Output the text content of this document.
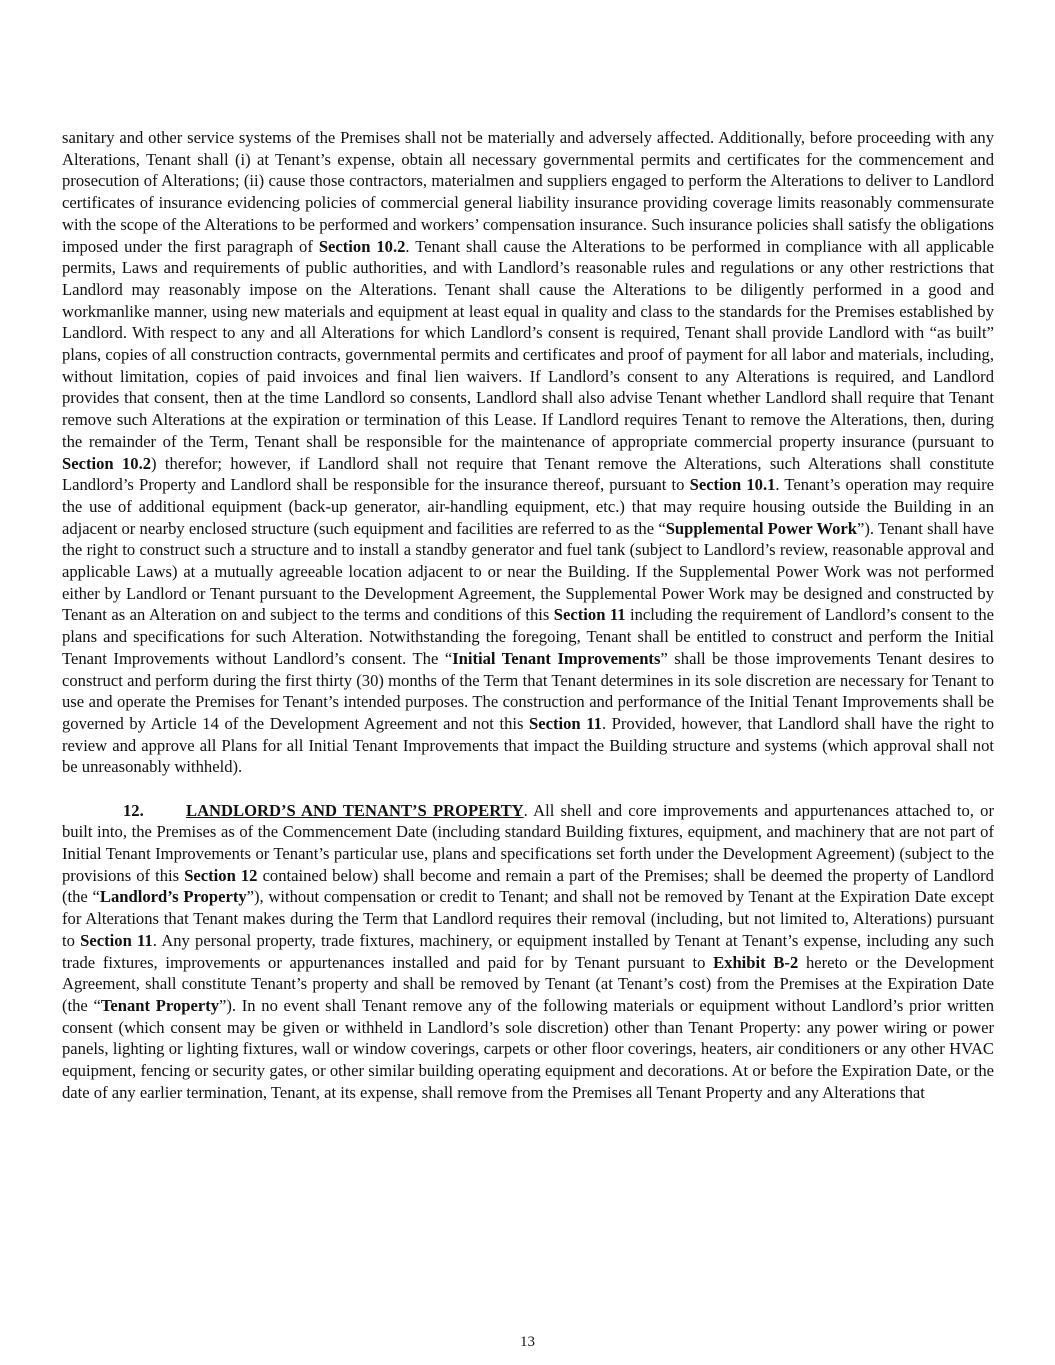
sanitary and other service systems of the Premises shall not be materially and adversely affected. Additionally, before proceeding with any Alterations, Tenant shall (i) at Tenant’s expense, obtain all necessary governmental permits and certificates for the commencement and prosecution of Alterations; (ii) cause those contractors, materialmen and suppliers engaged to perform the Alterations to deliver to Landlord certificates of insurance evidencing policies of commercial general liability insurance providing coverage limits reasonably commensurate with the scope of the Alterations to be performed and workers’ compensation insurance. Such insurance policies shall satisfy the obligations imposed under the first paragraph of Section 10.2. Tenant shall cause the Alterations to be performed in compliance with all applicable permits, Laws and requirements of public authorities, and with Landlord’s reasonable rules and regulations or any other restrictions that Landlord may reasonably impose on the Alterations. Tenant shall cause the Alterations to be diligently performed in a good and workmanlike manner, using new materials and equipment at least equal in quality and class to the standards for the Premises established by Landlord. With respect to any and all Alterations for which Landlord’s consent is required, Tenant shall provide Landlord with “as built” plans, copies of all construction contracts, governmental permits and certificates and proof of payment for all labor and materials, including, without limitation, copies of paid invoices and final lien waivers. If Landlord’s consent to any Alterations is required, and Landlord provides that consent, then at the time Landlord so consents, Landlord shall also advise Tenant whether Landlord shall require that Tenant remove such Alterations at the expiration or termination of this Lease. If Landlord requires Tenant to remove the Alterations, then, during the remainder of the Term, Tenant shall be responsible for the maintenance of appropriate commercial property insurance (pursuant to Section 10.2) therefor; however, if Landlord shall not require that Tenant remove the Alterations, such Alterations shall constitute Landlord’s Property and Landlord shall be responsible for the insurance thereof, pursuant to Section 10.1. Tenant’s operation may require the use of additional equipment (back-up generator, air-handling equipment, etc.) that may require housing outside the Building in an adjacent or nearby enclosed structure (such equipment and facilities are referred to as the “Supplemental Power Work”). Tenant shall have the right to construct such a structure and to install a standby generator and fuel tank (subject to Landlord’s review, reasonable approval and applicable Laws) at a mutually agreeable location adjacent to or near the Building. If the Supplemental Power Work was not performed either by Landlord or Tenant pursuant to the Development Agreement, the Supplemental Power Work may be designed and constructed by Tenant as an Alteration on and subject to the terms and conditions of this Section 11 including the requirement of Landlord’s consent to the plans and specifications for such Alteration. Notwithstanding the foregoing, Tenant shall be entitled to construct and perform the Initial Tenant Improvements without Landlord’s consent. The “Initial Tenant Improvements” shall be those improvements Tenant desires to construct and perform during the first thirty (30) months of the Term that Tenant determines in its sole discretion are necessary for Tenant to use and operate the Premises for Tenant’s intended purposes. The construction and performance of the Initial Tenant Improvements shall be governed by Article 14 of the Development Agreement and not this Section 11. Provided, however, that Landlord shall have the right to review and approve all Plans for all Initial Tenant Improvements that impact the Building structure and systems (which approval shall not be unreasonably withheld).

12.	LANDLORD’S AND TENANT’S PROPERTY. All shell and core improvements and appurtenances attached to, or built into, the Premises as of the Commencement Date (including standard Building fixtures, equipment, and machinery that are not part of Initial Tenant Improvements or Tenant’s particular use, plans and specifications set forth under the Development Agreement) (subject to the provisions of this Section 12 contained below) shall become and remain a part of the Premises; shall be deemed the property of Landlord (the “Landlord’s Property”), without compensation or credit to Tenant; and shall not be removed by Tenant at the Expiration Date except for Alterations that Tenant makes during the Term that Landlord requires their removal (including, but not limited to, Alterations) pursuant to Section 11. Any personal property, trade fixtures, machinery, or equipment installed by Tenant at Tenant’s expense, including any such trade fixtures, improvements or appurtenances installed and paid for by Tenant pursuant to Exhibit B-2 hereto or the Development Agreement, shall constitute Tenant’s property and shall be removed by Tenant (at Tenant’s cost) from the Premises at the Expiration Date (the “Tenant Property”). In no event shall Tenant remove any of the following materials or equipment without Landlord’s prior written consent (which consent may be given or withheld in Landlord’s sole discretion) other than Tenant Property: any power wiring or power panels, lighting or lighting fixtures, wall or window coverings, carpets or other floor coverings, heaters, air conditioners or any other HVAC equipment, fencing or security gates, or other similar building operating equipment and decorations. At or before the Expiration Date, or the date of any earlier termination, Tenant, at its expense, shall remove from the Premises all Tenant Property and any Alterations that

13
